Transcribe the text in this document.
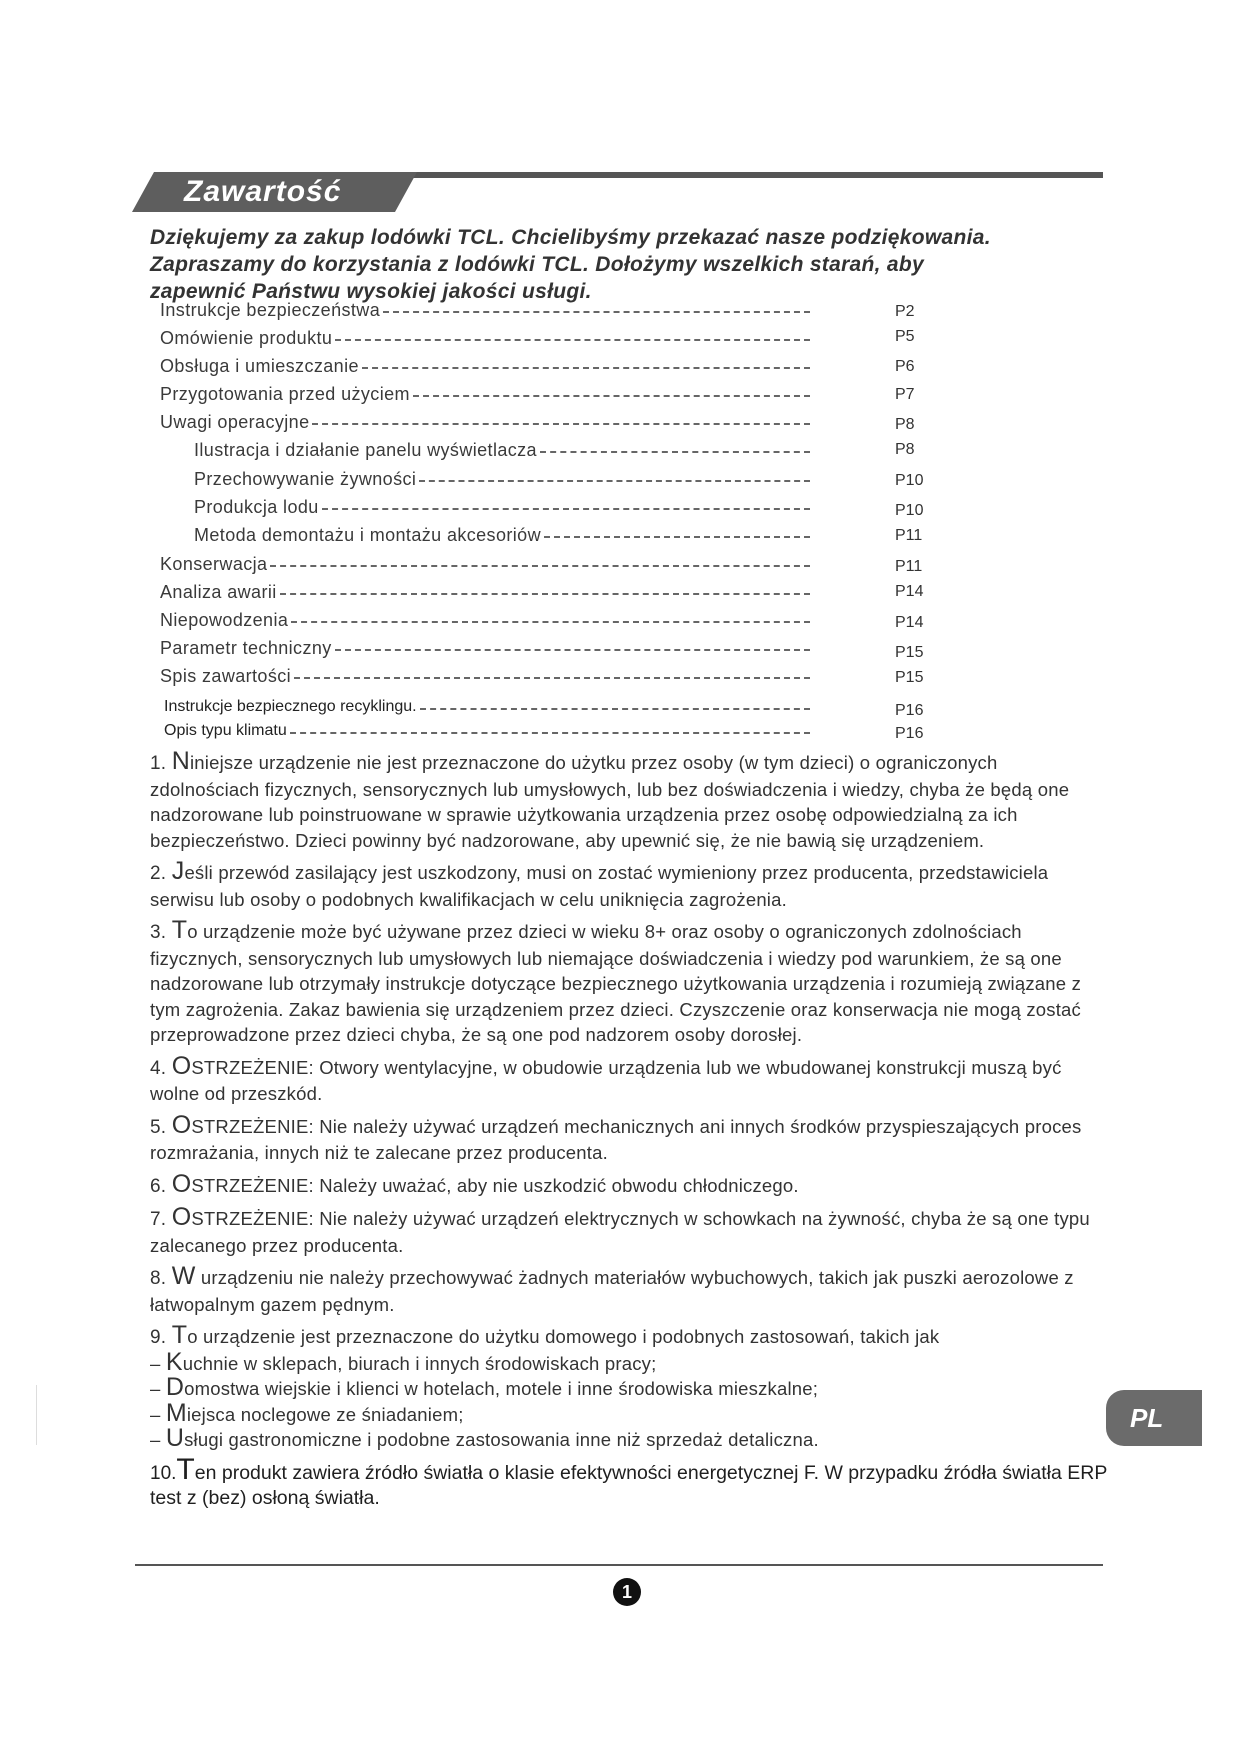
Zawartość
Dziękujemy za zakup lodówki TCL. Chcielibyśmy przekazać nasze podziękowania.
Zapraszamy do korzystania z lodówki TCL. Dołożymy wszelkich starań, aby
zapewnić Państwu wysokiej jakości usługi.
Instrukcje bezpieczeństwa	P2
Omówienie produktu	P5
Obsługa i umieszczanie	P6
Przygotowania przed użyciem	P7
Uwagi operacyjne	P8
Ilustracja i działanie panelu wyświetlacza	P8
Przechowywanie żywności	P10
Produkcja lodu	P10
Metoda demontażu i montażu akcesoriów	P11
Konserwacja	P11
Analiza awarii	P14
Niepowodzenia	P14
Parametr techniczny	P15
Spis zawartości	P15
Instrukcje bezpiecznego recyklingu.	P16
Opis typu klimatu	P16
1. Niniejsze urządzenie nie jest przeznaczone do użytku przez osoby (w tym dzieci) o ograniczonych zdolnościach fizycznych, sensorycznych lub umysłowych, lub bez doświadczenia i wiedzy, chyba że będą one nadzorowane lub poinstruowane w sprawie użytkowania urządzenia przez osobę odpowiedzialną za ich bezpieczeństwo. Dzieci powinny być nadzorowane, aby upewnić się, że nie bawią się urządzeniem.
2. Jeśli przewód zasilający jest uszkodzony, musi on zostać wymieniony przez producenta, przedstawiciela serwisu lub osoby o podobnych kwalifikacjach w celu uniknięcia zagrożenia.
3. To urządzenie może być używane przez dzieci w wieku 8+ oraz osoby o ograniczonych zdolnościach fizycznych, sensorycznych lub umysłowych lub niemające doświadczenia i wiedzy pod warunkiem, że są one nadzorowane lub otrzymały instrukcje dotyczące bezpiecznego użytkowania urządzenia i rozumieją związane z tym zagrożenia. Zakaz bawienia się urządzeniem przez dzieci. Czyszczenie oraz konserwacja nie mogą zostać przeprowadzone przez dzieci chyba, że są one pod nadzorem osoby dorosłej.
4. OSTRZEŻENIE: Otwory wentylacyjne, w obudowie urządzenia lub we wbudowanej konstrukcji muszą być wolne od przeszkód.
5. OSTRZEŻENIE: Nie należy używać urządzeń mechanicznych ani innych środków przyspieszających proces rozmrażania, innych niż te zalecane przez producenta.
6. OSTRZEŻENIE: Należy uważać, aby nie uszkodzić obwodu chłodniczego.
7. OSTRZEŻENIE: Nie należy używać urządzeń elektrycznych w schowkach na żywność, chyba że są one typu zalecanego przez producenta.
8. W urządzeniu nie należy przechowywać żadnych materiałów wybuchowych, takich jak puszki aerozolowe z łatwopalnym gazem pędnym.
9. To urządzenie jest przeznaczone do użytku domowego i podobnych zastosowań, takich jak
– Kuchnie w sklepach, biurach i innych środowiskach pracy;
– Domostwa wiejskie i klienci w hotelach, motele i inne środowiska mieszkalne;
– Miejsca noclegowe ze śniadaniem;
– Usługi gastronomiczne i podobne zastosowania inne niż sprzedaż detaliczna.
10.Ten produkt zawiera źródło światła o klasie efektywności energetycznej F. W przypadku źródła światła ERP test z (bez) osłoną światła.
1
PL
